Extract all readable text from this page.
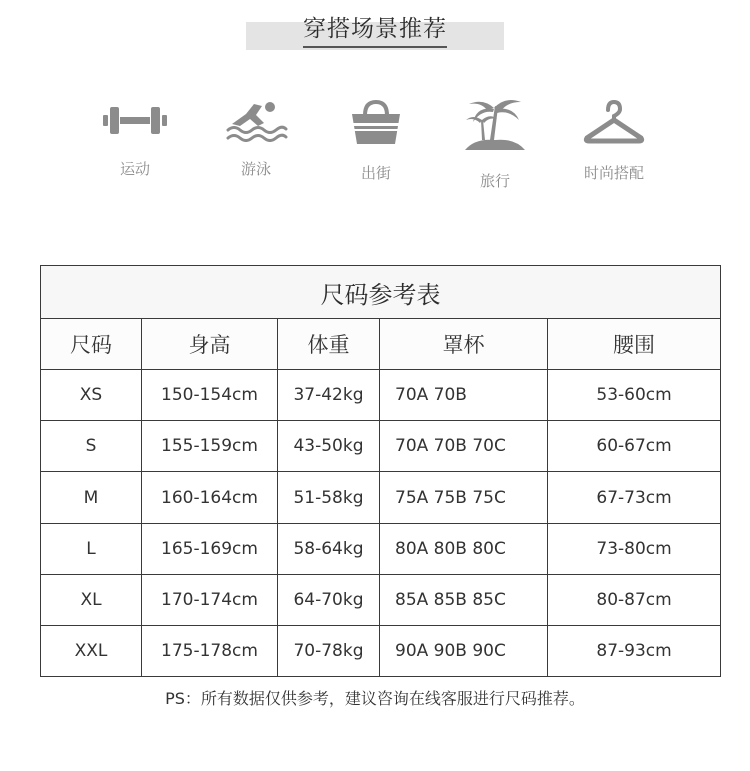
穿搭场景推荐
运动	游泳	出街	旅行	时尚搭配
尺码参考表				
尺码	身高	体重	罩杯	腰围
XS	150-154cm	37-42kg	70A 70B	53-60cm
S	155-159cm	43-50kg	70A 70B 70C	60-67cm
M	160-164cm	51-58kg	75A 75B 75C	67-73cm
L	165-169cm	58-64kg	80A 80B 80C	73-80cm
XL	170-174cm	64-70kg	85A 85B 85C	80-87cm
XXL	175-178cm	70-78kg	90A 90B 90C	87-93cm
PS：所有数据仅供参考，建议咨询在线客服进行尺码推荐。
